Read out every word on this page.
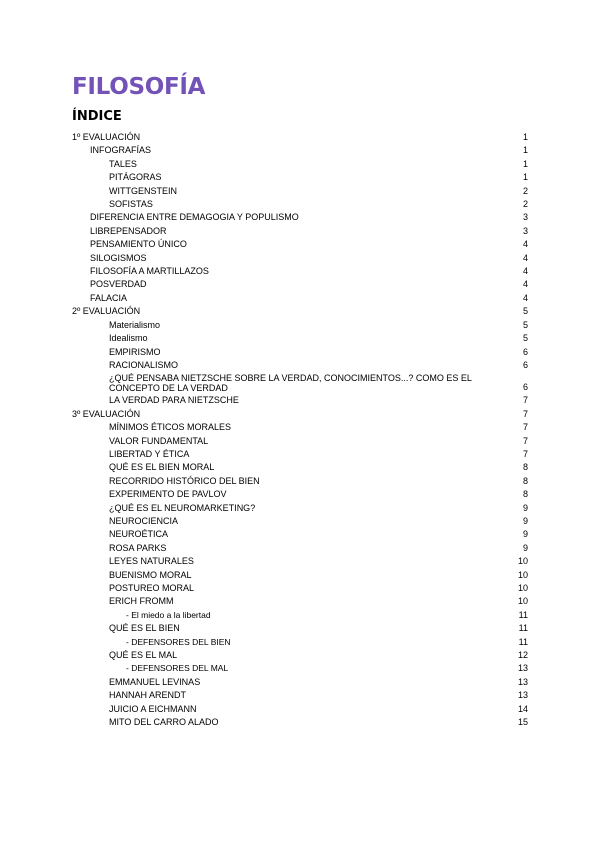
FILOSOFÍA
ÍNDICE
1º EVALUACIÓN	1
INFOGRAFÍAS	1
TALES	1
PITÁGORAS	1
WITTGENSTEIN	2
SOFISTAS	2
DIFERENCIA ENTRE DEMAGOGIA Y POPULISMO	3
LIBREPENSADOR	3
PENSAMIENTO ÚNICO	4
SILOGISMOS	4
FILOSOFÍA A MARTILLAZOS	4
POSVERDAD	4
FALACIA	4
2º EVALUACIÓN	5
Materialismo	5
Idealismo	5
EMPIRISMO	6
RACIONALISMO	6
¿QUÉ PENSABA NIETZSCHE SOBRE LA VERDAD, CONOCIMIENTOS...? COMO ES EL CONCEPTO DE LA VERDAD	6
LA VERDAD PARA NIETZSCHE	7
3º EVALUACIÓN	7
MÍNIMOS ÉTICOS MORALES	7
VALOR FUNDAMENTAL	7
LIBERTAD Y ÉTICA	7
QUÉ ES EL BIEN MORAL	8
RECORRIDO HISTÓRICO DEL BIEN	8
EXPERIMENTO DE PAVLOV	8
¿QUÉ ES EL NEUROMARKETING?	9
NEUROCIENCIA	9
NEUROÉTICA	9
ROSA PARKS	9
LEYES NATURALES	10
BUENISMO MORAL	10
POSTUREO MORAL	10
ERICH FROMM	10
- El miedo a la libertad	11
QUÉ ES EL BIEN	11
- DEFENSORES DEL BIEN	11
QUÉ ES EL MAL	12
- DEFENSORES DEL MAL	13
EMMANUEL LEVINAS	13
HANNAH ARENDT	13
JUICIO A EICHMANN	14
MITO DEL CARRO ALADO	15
